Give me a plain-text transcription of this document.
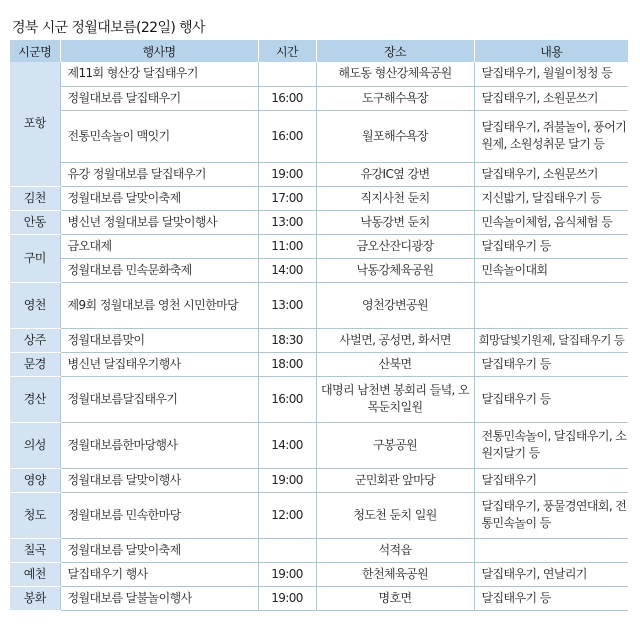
경북 시군 정월대보름(22일) 행사
시군명	행사명	시간	장소	내용
포항	제11회 형산강 달집태우기		해도동 형산강체육공원	달집태우기, 월월이청청 등
	정월대보름 달집태우기	16:00	도구해수욕장	달집태우기, 소원문쓰기
	전통민속놀이 맥잇기	16:00	월포해수욕장	달집태우기, 쥐불놀이, 풍어기원제, 소원성취문 달기 등
	유강 정월대보름 달집태우기	19:00	유강IC옆 강변	달집태우기, 소원문쓰기
김천	정월대보름 달맞이축제	17:00	직지사천 둔치	지신밟기, 달집태우기 등
안동	병신년 정월대보름 달맞이행사	13:00	낙동강변 둔치	민속놀이체험, 음식체험 등
구미	금오대제	11:00	금오산잔디광장	달집태우기 등
	정월대보름 민속문화축제	14:00	낙동강체육공원	민속놀이대회
영천	제9회 정월대보름 영천 시민한마당	13:00	영천강변공원	
상주	정월대보름맞이	18:30	사벌면, 공성면, 화서면	희망달빛기원제, 달집태우기 등
문경	병신년 달집태우기행사	18:00	산북면	달집태우기 등
경산	정월대보름달집태우기	16:00	대명리 남천변 봉회리 들녘, 오목둔치일원	달집태우기 등
의성	정월대보름한마당행사	14:00	구봉공원	전통민속놀이, 달집태우기, 소원지달기 등
영양	정월대보름 달맞이행사	19:00	군민회관 앞마당	달집태우기
청도	정월대보름 민속한마당	12:00	청도천 둔치 일원	달집태우기, 풍물경연대회, 전통민속놀이 등
칠곡	정월대보름 달맞이축제		석적읍	
예천	달집태우기 행사	19:00	한천체육공원	달집태우기, 연날리기
봉화	정월대보름 달불놀이행사	19:00	명호면	달집태우기 등
